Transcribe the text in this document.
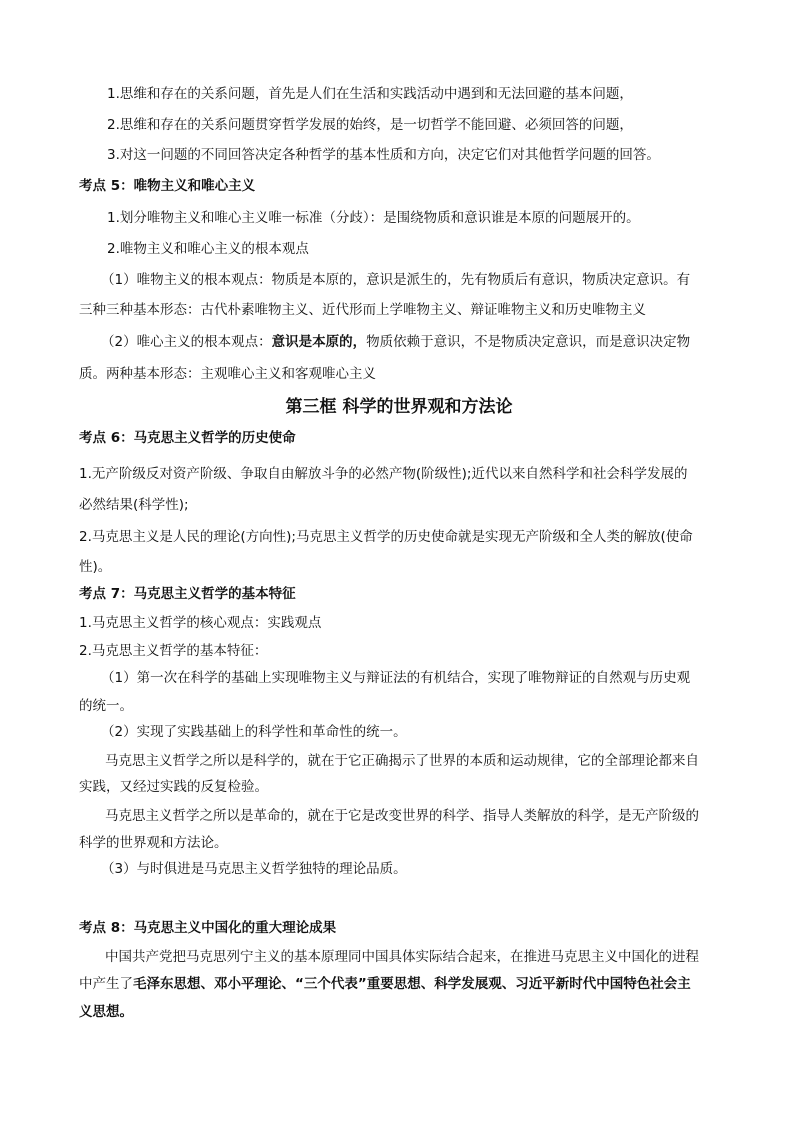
1.思维和存在的关系问题，首先是人们在生活和实践活动中遇到和无法回避的基本问题，
2.思维和存在的关系问题贯穿哲学发展的始终，是一切哲学不能回避、必须回答的问题，
3.对这一问题的不同回答决定各种哲学的基本性质和方向，决定它们对其他哲学问题的回答。
考点 5：唯物主义和唯心主义
1.划分唯物主义和唯心主义唯一标准（分歧）：是围绕物质和意识谁是本原的问题展开的。
2.唯物主义和唯心主义的根本观点
（1）唯物主义的根本观点：物质是本原的，意识是派生的，先有物质后有意识，物质决定意识。有
三种三种基本形态：古代朴素唯物主义、近代形而上学唯物主义、辩证唯物主义和历史唯物主义
（2）唯心主义的根本观点：意识是本原的，物质依赖于意识，不是物质决定意识，而是意识决定物
质。两种基本形态：主观唯心主义和客观唯心主义
第三框 科学的世界观和方法论
考点 6：马克思主义哲学的历史使命
1.无产阶级反对资产阶级、争取自由解放斗争的必然产物(阶级性);近代以来自然科学和社会科学发展的
必然结果(科学性);
2.马克思主义是人民的理论(方向性);马克思主义哲学的历史使命就是实现无产阶级和全人类的解放(使命
性)。
考点 7：马克思主义哲学的基本特征
1.马克思主义哲学的核心观点：实践观点
2.马克思主义哲学的基本特征：
（1）第一次在科学的基础上实现唯物主义与辩证法的有机结合，实现了唯物辩证的自然观与历史观
的统一。
（2）实现了实践基础上的科学性和革命性的统一。
马克思主义哲学之所以是科学的，就在于它正确揭示了世界的本质和运动规律，它的全部理论都来自
实践，又经过实践的反复检验。
马克思主义哲学之所以是革命的，就在于它是改变世界的科学、指导人类解放的科学，是无产阶级的
科学的世界观和方法论。
（3）与时俱进是马克思主义哲学独特的理论品质。
考点 8：马克思主义中国化的重大理论成果
中国共产党把马克思列宁主义的基本原理同中国具体实际结合起来，在推进马克思主义中国化的进程
中产生了毛泽东思想、邓小平理论、“三个代表”重要思想、科学发展观、习近平新时代中国特色社会主
义思想。
